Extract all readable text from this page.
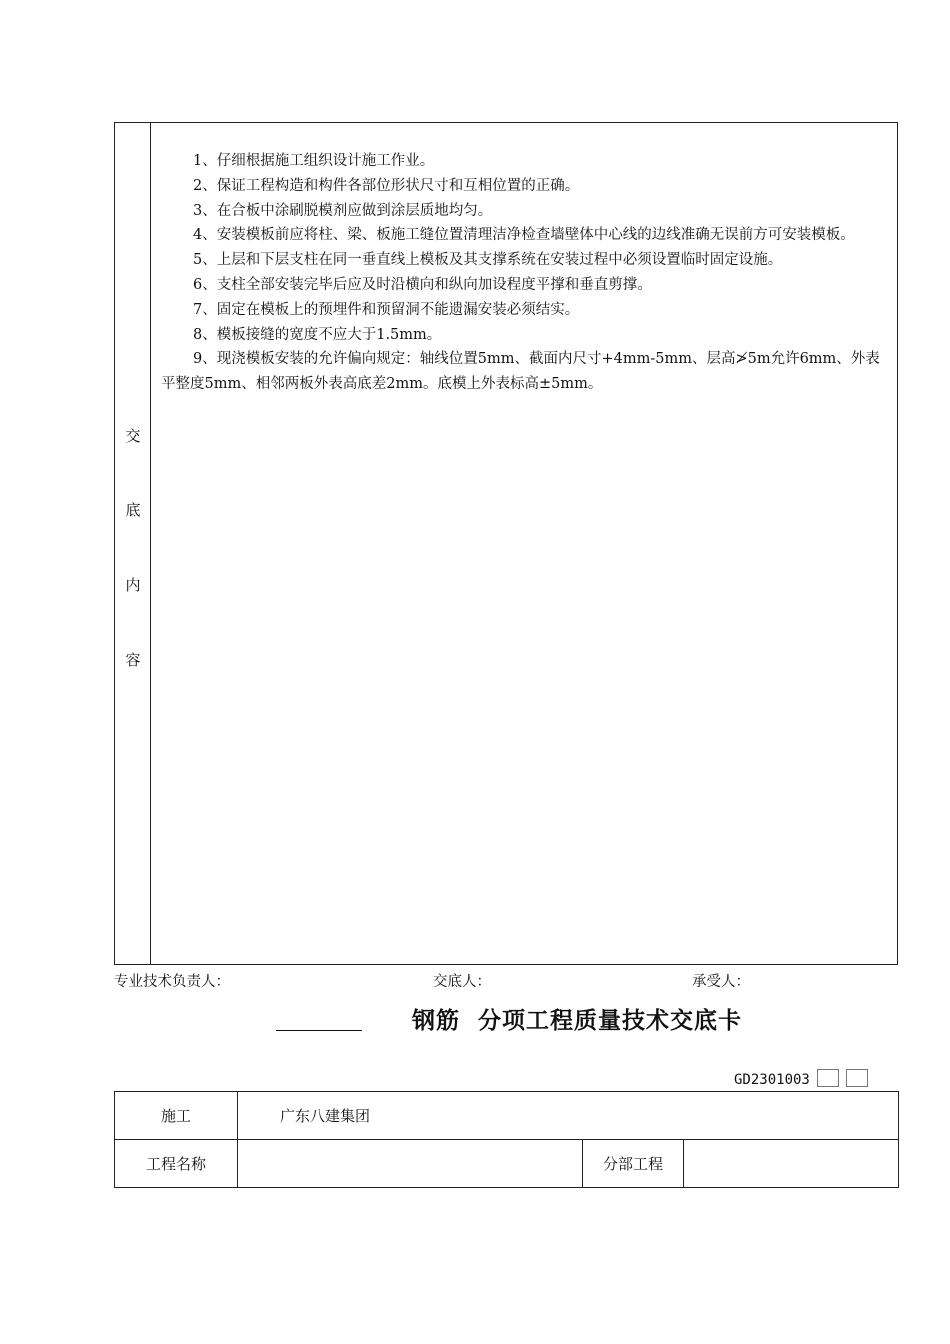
交
底
内
容

1、仔细根据施工组织设计施工作业。

2、保证工程构造和构件各部位形状尺寸和互相位置的正确。

3、在合板中涂刷脱模剂应做到涂层质地均匀。

4、安装模板前应将柱、梁、板施工缝位置清理洁净检查墙壁体中心线的边线准确无误前方可安装模板。

5、上层和下层支柱在同一垂直线上模板及其支撑系统在安装过程中必须设置临时固定设施。

6、支柱全部安装完毕后应及时沿横向和纵向加设程度平撑和垂直剪撑。

7、固定在模板上的预埋件和预留洞不能遗漏安装必须结实。

8、模板接缝的宽度不应大于1.5mm。

9、现浇模板安装的允许偏向规定：轴线位置5mm、截面内尺寸+4mm-5mm、层高≯5m允许6mm、外表平整度5mm、相邻两板外表高底差2mm。底模上外表标高±5mm。

专业技术负责人：	交底人：	承受人：
钢筋  分项工程质量技术交底卡
GD2301003
施工	广东八建集团		
工程名称		分部工程	
